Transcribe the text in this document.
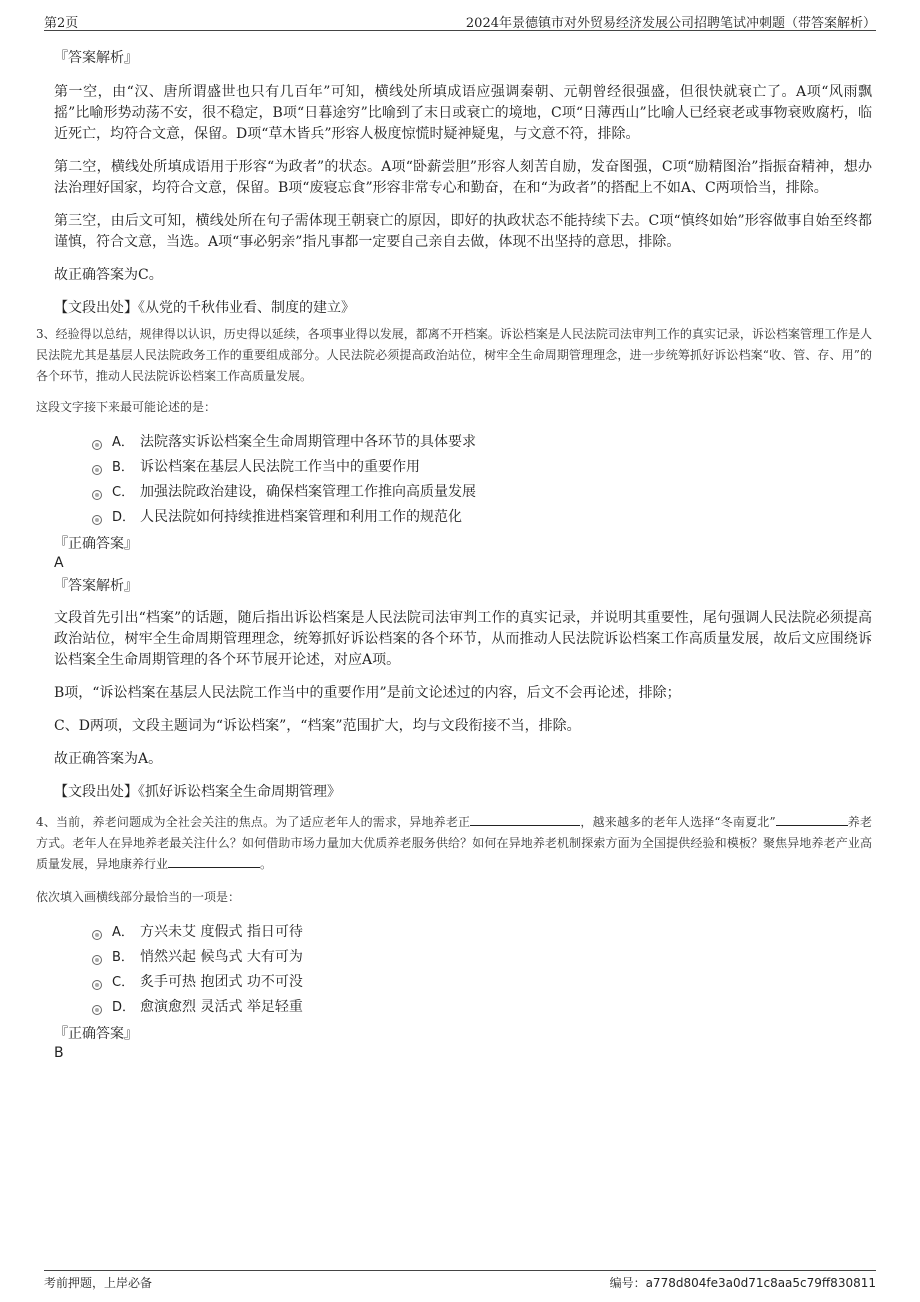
第2页	2024年景德镇市对外贸易经济发展公司招聘笔试冲刺题（带答案解析）

『答案解析』

第一空，由“汉、唐所谓盛世也只有几百年”可知，横线处所填成语应强调秦朝、元朝曾经很强盛，但很快就衰亡了。A项“风雨飘摇”比喻形势动荡不安，很不稳定，B项“日暮途穷”比喻到了末日或衰亡的境地，C项“日薄西山”比喻人已经衰老或事物衰败腐朽，临近死亡，均符合文意，保留。D项“草木皆兵”形容人极度惊慌时疑神疑鬼，与文意不符，排除。

第二空，横线处所填成语用于形容“为政者”的状态。A项“卧薪尝胆”形容人刻苦自励，发奋图强，C项“励精图治”指振奋精神，想办法治理好国家，均符合文意，保留。B项“废寝忘食”形容非常专心和勤奋，在和“为政者”的搭配上不如A、C两项恰当，排除。

第三空，由后文可知，横线处所在句子需体现王朝衰亡的原因，即好的执政状态不能持续下去。C项“慎终如始”形容做事自始至终都谨慎，符合文意，当选。A项“事必躬亲”指凡事都一定要自己亲自去做，体现不出坚持的意思，排除。

故正确答案为C。

【文段出处】《从党的千秋伟业看、制度的建立》

3、经验得以总结，规律得以认识，历史得以延续，各项事业得以发展，都离不开档案。诉讼档案是人民法院司法审判工作的真实记录，诉讼档案管理工作是人民法院尤其是基层人民法院政务工作的重要组成部分。人民法院必须提高政治站位，树牢全生命周期管理理念，进一步统筹抓好诉讼档案“收、管、存、用”的各个环节，推动人民法院诉讼档案工作高质量发展。

这段文字接下来最可能论述的是：

A． 法院落实诉讼档案全生命周期管理中各环节的具体要求
B． 诉讼档案在基层人民法院工作当中的重要作用
C． 加强法院政治建设，确保档案管理工作推向高质量发展
D． 人民法院如何持续推进档案管理和利用工作的规范化

『正确答案』

A

『答案解析』

文段首先引出“档案”的话题，随后指出诉讼档案是人民法院司法审判工作的真实记录，并说明其重要性，尾句强调人民法院必须提高政治站位，树牢全生命周期管理理念，统筹抓好诉讼档案的各个环节，从而推动人民法院诉讼档案工作高质量发展，故后文应围绕诉讼档案全生命周期管理的各个环节展开论述，对应A项。

B项，“诉讼档案在基层人民法院工作当中的重要作用”是前文论述过的内容，后文不会再论述，排除；

C、D两项，文段主题词为“诉讼档案”，“档案”范围扩大，均与文段衔接不当，排除。

故正确答案为A。

【文段出处】《抓好诉讼档案全生命周期管理》

4、当前，养老问题成为全社会关注的焦点。为了适应老年人的需求，异地养老正	，越来越多的老年人选择“冬南夏北”	养老方式。老年人在异地养老最关注什么？如何借助市场力量加大优质养老服务供给？如何在异地养老机制探索方面为全国提供经验和模板？聚焦异地养老产业高质量发展，异地康养行业	。

依次填入画横线部分最恰当的一项是：

A． 方兴未艾 度假式 指日可待
B． 悄然兴起 候鸟式 大有可为
C． 炙手可热 抱团式 功不可没
D． 愈演愈烈 灵活式 举足轻重

『正确答案』

B

考前押题，上岸必备	编号：a778d804fe3a0d71c8aa5c79ff830811
